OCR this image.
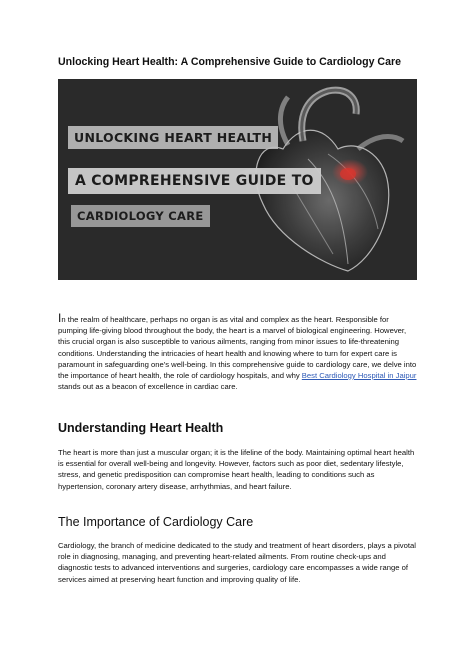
Unlocking Heart Health: A Comprehensive Guide to Cardiology Care
UNLOCKING HEART HEALTH
A COMPREHENSIVE GUIDE TO
CARDIOLOGY CARE

In the realm of healthcare, perhaps no organ is as vital and complex as the heart. Responsible for pumping life-giving blood throughout the body, the heart is a marvel of biological engineering. However, this crucial organ is also susceptible to various ailments, ranging from minor issues to life-threatening conditions. Understanding the intricacies of heart health and knowing where to turn for expert care is paramount in safeguarding one's well-being. In this comprehensive guide to cardiology care, we delve into the importance of heart health, the role of cardiology hospitals, and why Best Cardiology Hospital in Jaipur stands out as a beacon of excellence in cardiac care.

Understanding Heart Health

The heart is more than just a muscular organ; it is the lifeline of the body. Maintaining optimal heart health is essential for overall well-being and longevity. However, factors such as poor diet, sedentary lifestyle, stress, and genetic predisposition can compromise heart health, leading to conditions such as hypertension, coronary artery disease, arrhythmias, and heart failure.

The Importance of Cardiology Care

Cardiology, the branch of medicine dedicated to the study and treatment of heart disorders, plays a pivotal role in diagnosing, managing, and preventing heart-related ailments. From routine check-ups and diagnostic tests to advanced interventions and surgeries, cardiology care encompasses a wide range of services aimed at preserving heart function and improving quality of life.
